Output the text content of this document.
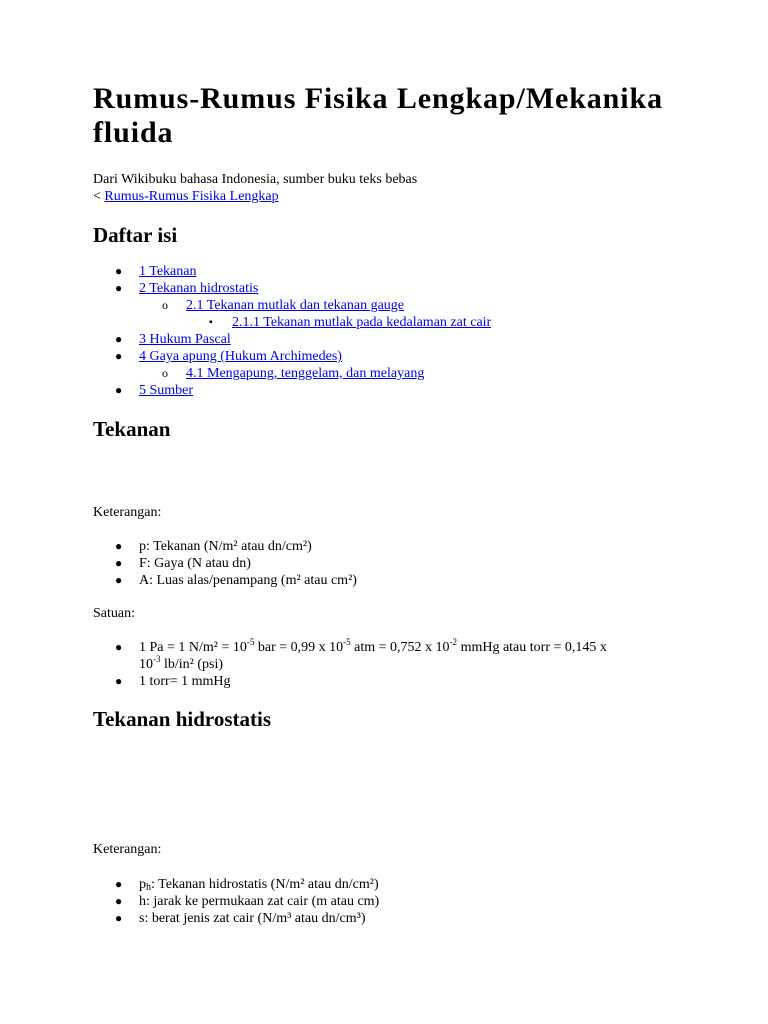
Rumus-Rumus Fisika Lengkap/Mekanika fluida
Dari Wikibuku bahasa Indonesia, sumber buku teks bebas
< Rumus-Rumus Fisika Lengkap
Daftar isi
● 1 Tekanan
● 2 Tekanan hidrostatis
o 2.1 Tekanan mutlak dan tekanan gauge
▪ 2.1.1 Tekanan mutlak pada kedalaman zat cair
● 3 Hukum Pascal
● 4 Gaya apung (Hukum Archimedes)
o 4.1 Mengapung, tenggelam, dan melayang
● 5 Sumber
Tekanan
Keterangan:
● p: Tekanan (N/m² atau dn/cm²)
● F: Gaya (N atau dn)
● A: Luas alas/penampang (m² atau cm²)
Satuan:
● 1 Pa = 1 $N/m^2 = 10^{-5}$ bar = 0,99 x $10^{-5}$ atm = 0,752 x $10^{-2}$ mmHg atau torr = 0,145 x
$10^{-3}$ lb/in² (psi)
● 1 torr= 1 mmHg
Tekanan hidrostatis
Keterangan:
● ph: Tekanan hidrostatis (N/m² atau dn/cm²)
● h: jarak ke permukaan zat cair (m atau cm)
● s: berat jenis zat cair (N/m³ atau dn/cm³)
